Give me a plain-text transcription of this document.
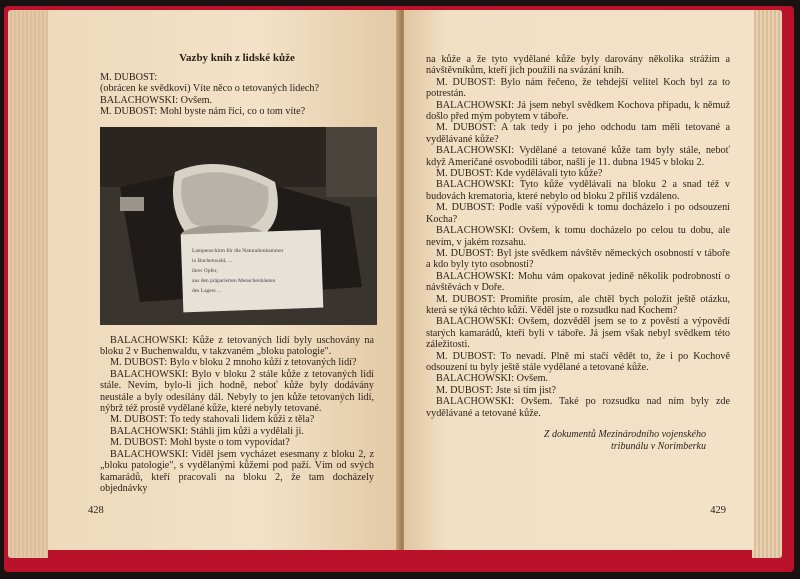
Vazby knih z lidské kůže

M. DUBOST:

(obrácen ke svědkovi) Víte něco o tetovaných lidech?

BALACHOWSKI: Ovšem.

M. DUBOST: Mohl byste nám říci, co o tom víte?

Lampenschirm für die Naturalienkammer
in Buchenwald, ...
ihrer Opfer,
aus den präparierten Menschenhäuten
des Lagers ...

BALACHOWSKI: Kůže z tetovaných lidí byly uschovány na bloku 2 v Buchenwaldu, v takzvaném „bloku patologie".

M. DUBOST: Bylo v bloku 2 mnoho kůží z tetovaných lidí?

BALACHOWSKI: Bylo v bloku 2 stále kůže z tetovaných lidí stále. Nevím, bylo-li jich hodně, neboť kůže byly dodávány neustále a byly odesílány dál. Nebyly to jen kůže tetovaných lidí, nýbrž též prostě vydělané kůže, které nebyly tetované.

M. DUBOST: To tedy stahovali lidem kůži z těla?

BALACHOWSKI: Stáhli jim kůži a vydělali ji.

M. DUBOST: Mohl byste o tom vypovídat?

BALACHOWSKI: Viděl jsem vycházet esesmany z bloku 2, z „bloku patologie", s vydělanými kůžemi pod paží. Vím od svých kamarádů, kteří pracovali na bloku 2, že tam docházely objednávky

428

na kůže a že tyto vydělané kůže byly darovány několika strážím a návštěvníkům, kteří jich použili na svázání knih.

M. DUBOST: Bylo nám řečeno, že tehdejší velitel Koch byl za to potrestán.

BALACHOWSKI: Já jsem nebyl svědkem Kochova případu, k němuž došlo před mým pobytem v táboře.

M. DUBOST: A tak tedy i po jeho odchodu tam měli tetované a vydělávané kůže?

BALACHOWSKI: Vydělané a tetované kůže tam byly stále, neboť když Američané osvobodili tábor, našli je 11. dubna 1945 v bloku 2.

M. DUBOST: Kde vydělávali tyto kůže?

BALACHOWSKI: Tyto kůže vydělávali na bloku 2 a snad též v budovách krematoria, které nebylo od bloku 2 příliš vzdáleno.

M. DUBOST: Podle vaší výpovědi k tomu docházelo i po odsouzení Kocha?

BALACHOWSKI: Ovšem, k tomu docházelo po celou tu dobu, ale nevím, v jakém rozsahu.

M. DUBOST: Byl jste svědkem návštěv německých osobností v táboře a kdo byly tyto osobnosti?

BALACHOWSKI: Mohu vám opakovat jedině několik podrobností o návštěvách v Doře.

M. DUBOST: Promiňte prosím, ale chtěl bych položit ještě otázku, která se týká těchto kůží. Věděl jste o rozsudku nad Kochem?

BALACHOWSKI: Ovšem, dozvěděl jsem se to z pověstí a výpovědí starých kamarádů, kteří byli v táboře. Já jsem však nebyl svědkem této záležitosti.

M. DUBOST: To nevadí. Plně mi stačí vědět to, že i po Kochově odsouzení tu byly ještě stále vydělané a tetované kůže.

BALACHOWSKI: Ovšem.

M. DUBOST: Jste si tím jist?

BALACHOWSKI: Ovšem. Také po rozsudku nad ním byly zde vydělávané a tetované kůže.

Z dokumentů Mezinárodního vojenského
tribunálu v Norimberku
429
